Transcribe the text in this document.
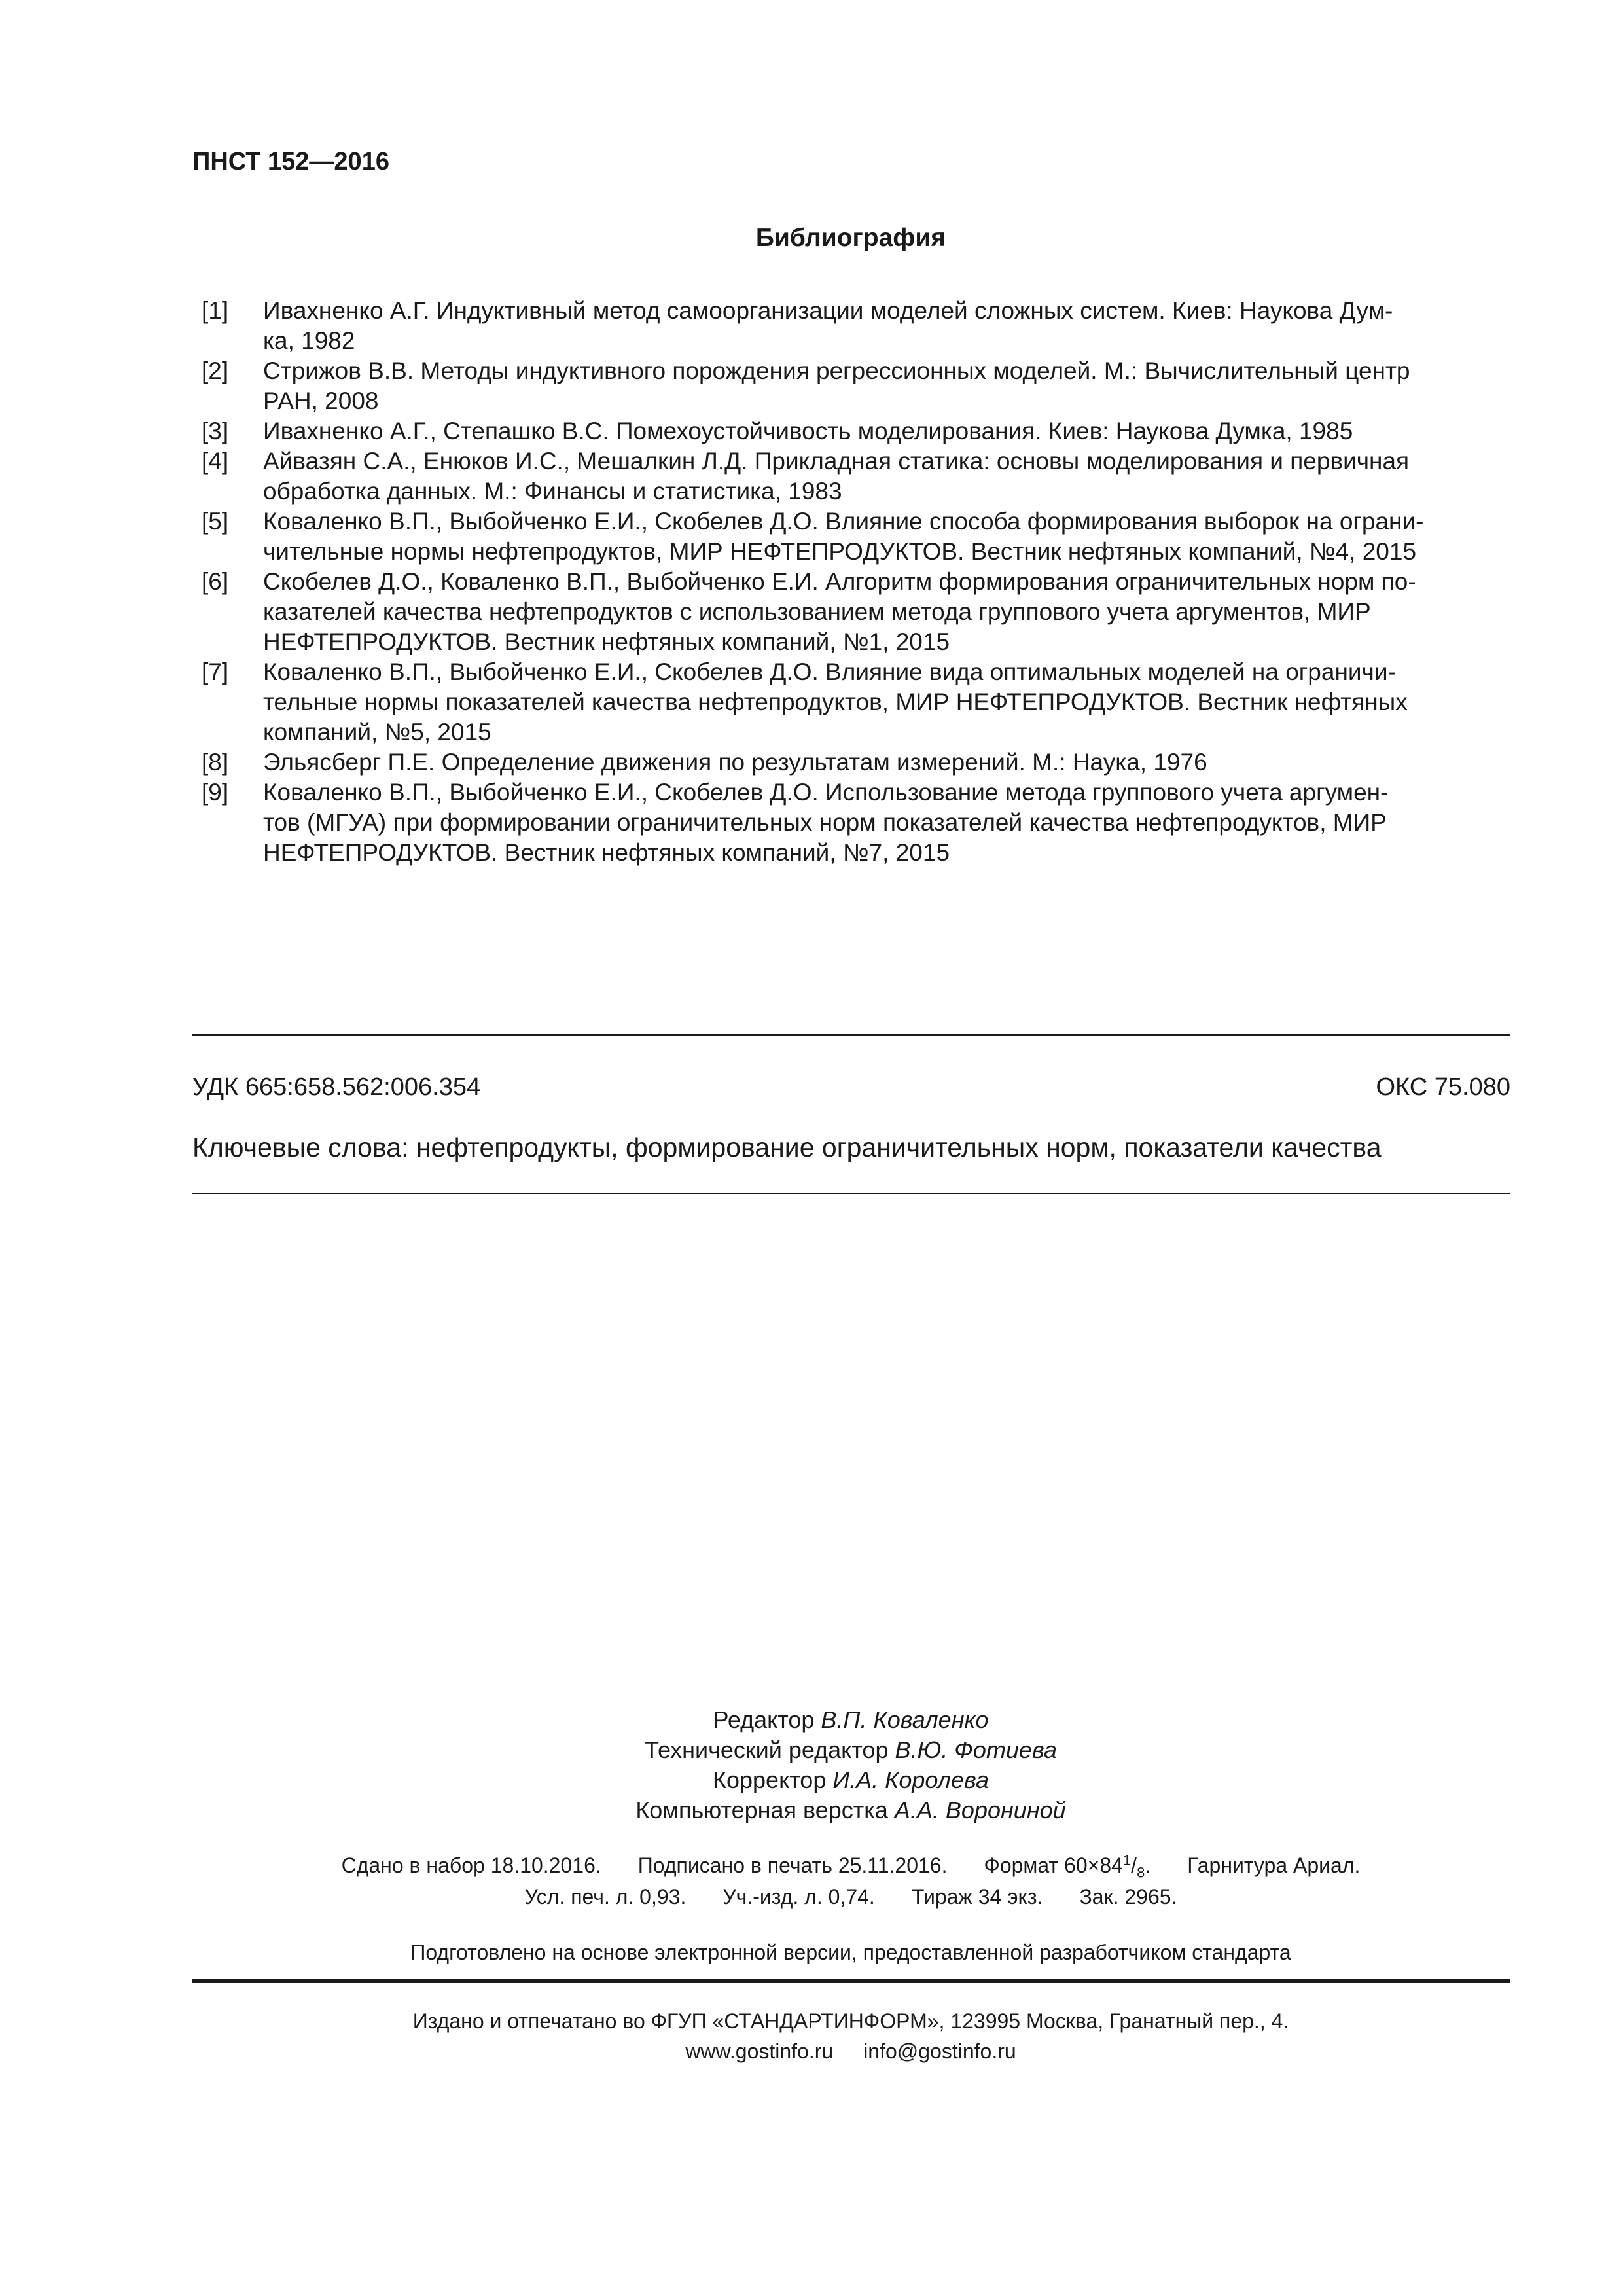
ПНСТ 152—2016
Библиография
[1]	Ивахненко А.Г. Индуктивный метод самоорганизации моделей сложных систем. Киев: Наукова Дум-
ка, 1982
[2]	Стрижов В.В. Методы индуктивного порождения регрессионных моделей. М.: Вычислительный центр
РАН, 2008
[3]	Ивахненко А.Г., Степашко В.С. Помехоустойчивость моделирования. Киев: Наукова Думка, 1985
[4]	Айвазян С.А., Енюков И.С., Мешалкин Л.Д. Прикладная статика: основы моделирования и первичная
обработка данных. М.: Финансы и статистика, 1983
[5]	Коваленко В.П., Выбойченко Е.И., Скобелев Д.О. Влияние способа формирования выборок на ограни-
чительные нормы нефтепродуктов, МИР НЕФТЕПРОДУКТОВ. Вестник нефтяных компаний, №4, 2015
[6]	Скобелев Д.О., Коваленко В.П., Выбойченко Е.И. Алгоритм формирования ограничительных норм по-
казателей качества нефтепродуктов с использованием метода группового учета аргументов, МИР
НЕФТЕПРОДУКТОВ. Вестник нефтяных компаний, №1, 2015
[7]	Коваленко В.П., Выбойченко Е.И., Скобелев Д.О. Влияние вида оптимальных моделей на ограничи-
тельные нормы показателей качества нефтепродуктов, МИР НЕФТЕПРОДУКТОВ. Вестник нефтяных
компаний, №5, 2015
[8]	Эльясберг П.Е. Определение движения по результатам измерений. М.: Наука, 1976
[9]	Коваленко В.П., Выбойченко Е.И., Скобелев Д.О. Использование метода группового учета аргумен-
тов (МГУА) при формировании ограничительных норм показателей качества нефтепродуктов, МИР
НЕФТЕПРОДУКТОВ. Вестник нефтяных компаний, №7, 2015
УДК 665:658.562:006.354	ОКС 75.080
Ключевые слова: нефтепродукты, формирование ограничительных норм, показатели качества
Редактор В.П. Коваленко
Технический редактор В.Ю. Фотиева
Корректор И.А. Королева
Компьютерная верстка А.А. Ворониной
Сдано в набор 18.10.2016. Подписано в печать 25.11.2016. Формат $60\times 84^1/_8$. Гарнитура Ариал.
Усл. печ. л. 0,93. Уч.-изд. л. 0,74. Тираж 34 экз. Зак. 2965.
Подготовлено на основе электронной версии, предоставленной разработчиком стандарта
Издано и отпечатано во ФГУП «СТАНДАРТИНФОРМ», 123995 Москва, Гранатный пер., 4.
www.gostinfo.ru info@gostinfo.ru
